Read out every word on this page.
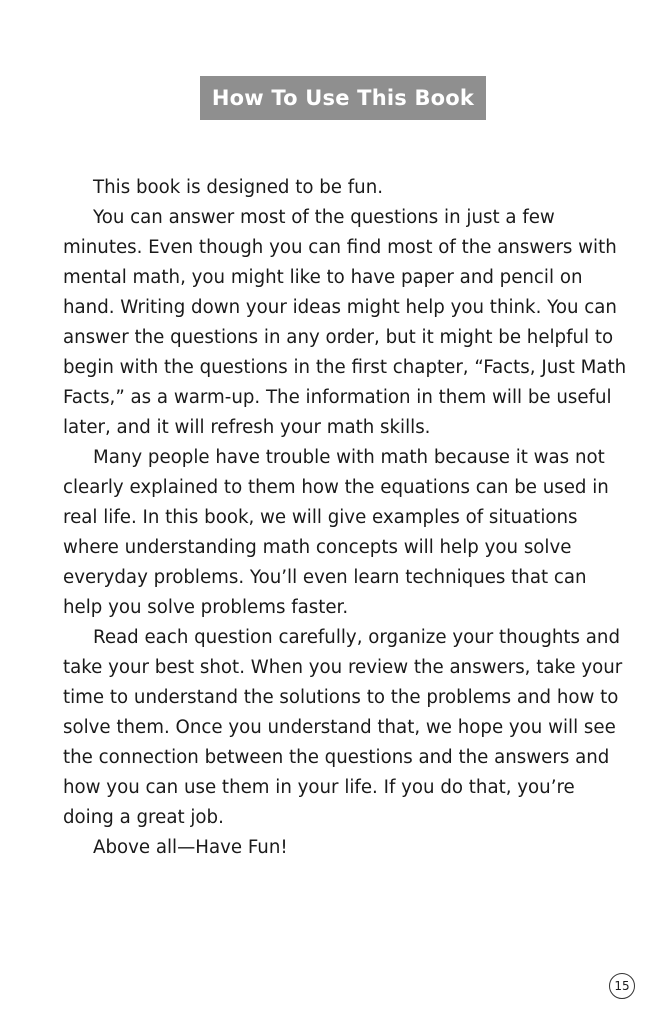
How To Use This Book

This book is designed to be fun.

You can answer most of the questions in just a few minutes. Even though you can find most of the answers with mental math, you might like to have paper and pencil on hand. Writing down your ideas might help you think. You can answer the questions in any order, but it might be helpful to begin with the questions in the first chapter, “Facts, Just Math Facts,” as a warm-up. The information in them will be useful later, and it will refresh your math skills.

Many people have trouble with math because it was not clearly explained to them how the equations can be used in real life. In this book, we will give examples of situations where understanding math concepts will help you solve everyday problems. You’ll even learn techniques that can help you solve problems faster.

Read each question carefully, organize your thoughts and take your best shot. When you review the answers, take your time to understand the solutions to the problems and how to solve them. Once you understand that, we hope you will see the connection between the questions and the answers and how you can use them in your life. If you do that, you’re doing a great job.

Above all—Have Fun!

15
